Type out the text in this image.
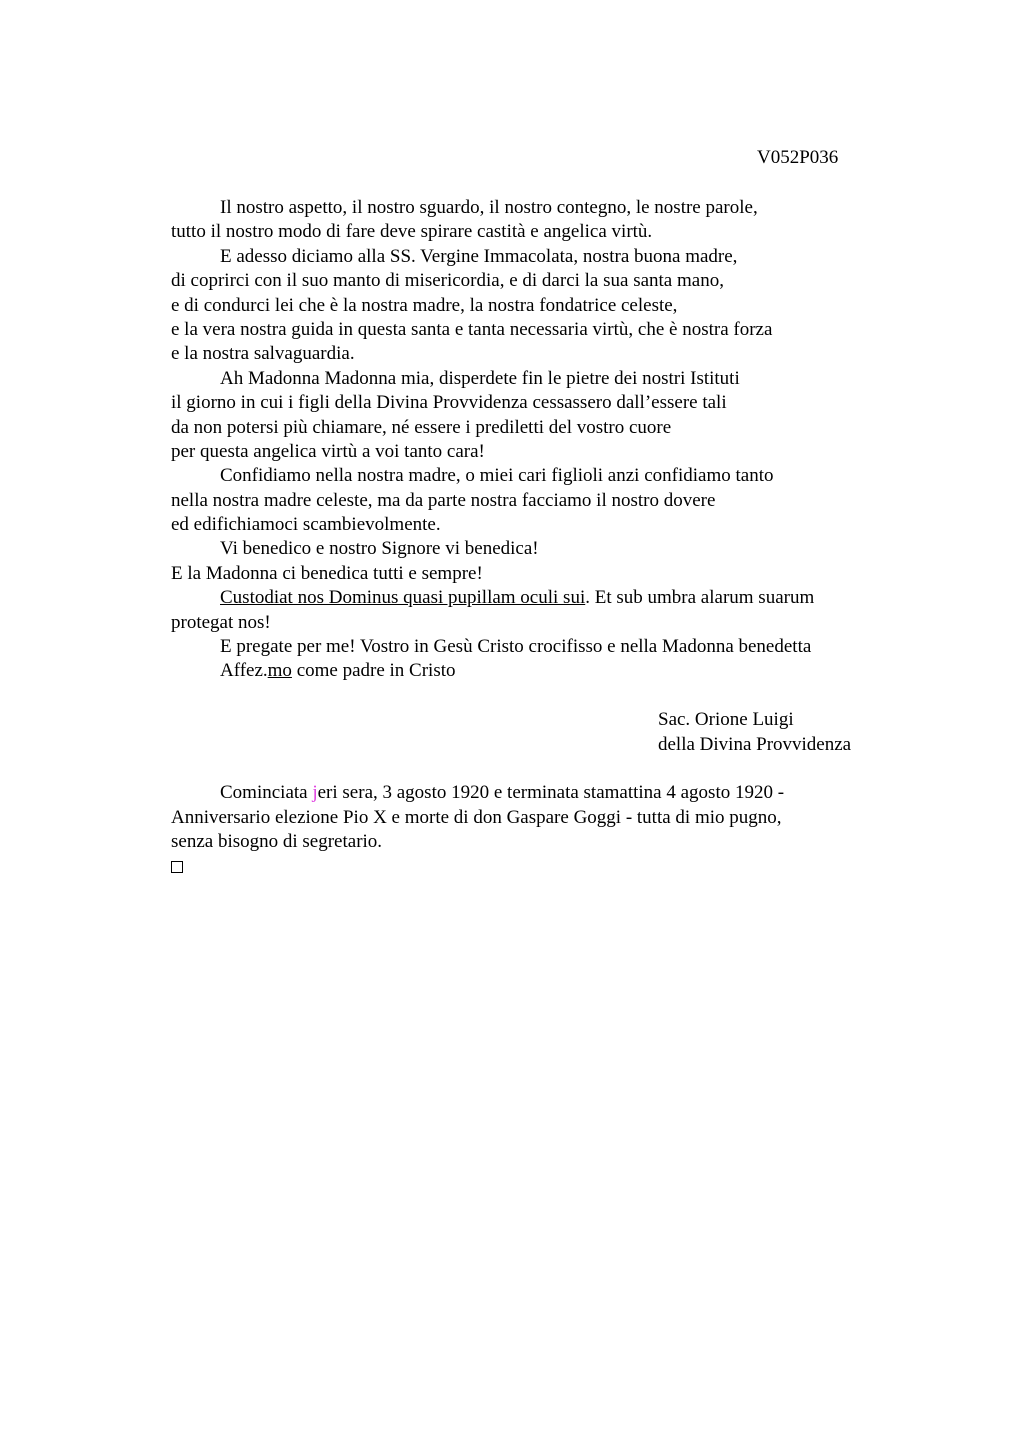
V052P036
Il nostro aspetto, il nostro sguardo, il nostro contegno, le nostre parole,
tutto il nostro modo di fare deve spirare castità e angelica virtù.
E adesso diciamo alla SS. Vergine Immacolata, nostra buona madre,
di coprirci con il suo manto di misericordia, e di darci la sua santa mano,
e di condurci lei che è la nostra madre, la nostra fondatrice celeste,
e la vera nostra guida in questa santa e tanta necessaria virtù, che è nostra forza
e la nostra salvaguardia.
Ah Madonna Madonna mia, disperdete fin le pietre dei nostri Istituti
il giorno in cui i figli della Divina Provvidenza cessassero dall’essere tali
da non potersi più chiamare, né essere i prediletti del vostro cuore
per questa angelica virtù a voi tanto cara!
Confidiamo nella nostra madre, o miei cari figlioli anzi confidiamo tanto
nella nostra madre celeste, ma da parte nostra facciamo il nostro dovere
ed edifichiamoci scambievolmente.
Vi benedico e nostro Signore vi benedica!
E la Madonna ci benedica tutti e sempre!
Custodiat nos Dominus quasi pupillam oculi sui. Et sub umbra alarum suarum
protegat nos!
E pregate per me! Vostro in Gesù Cristo crocifisso e nella Madonna benedetta
Affez.mo come padre in Cristo
Sac. Orione Luigi
della Divina Provvidenza
Cominciata jeri sera, 3 agosto 1920 e terminata stamattina 4 agosto 1920 -
Anniversario elezione Pio X e morte di don Gaspare Goggi - tutta di mio pugno,
senza bisogno di segretario.
